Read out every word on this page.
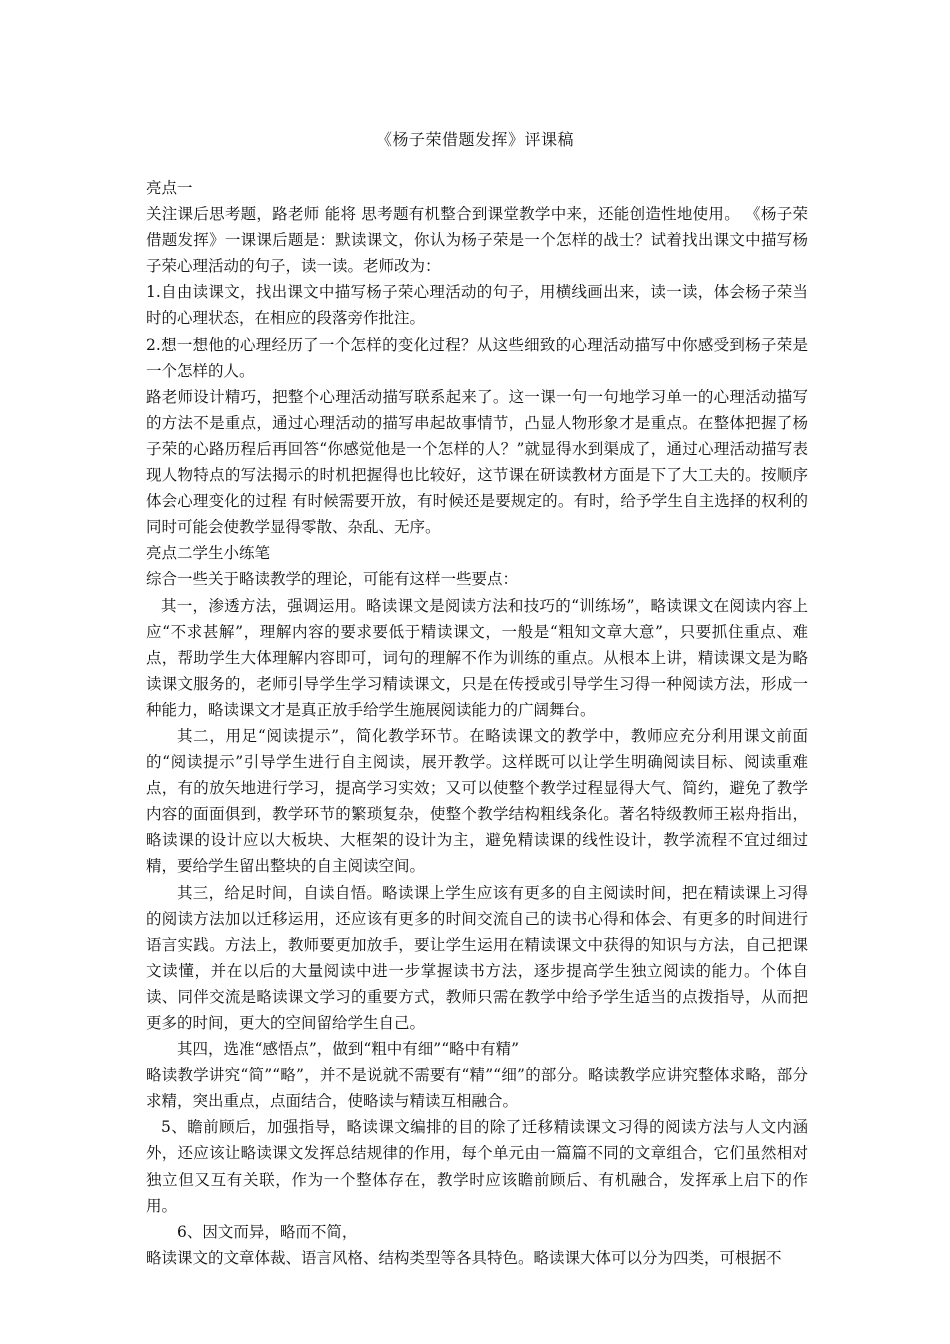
《杨子荣借题发挥》评课稿

亮点一

关注课后思考题，路老师 能将 思考题有机整合到课堂教学中来，还能创造性地使用。 《杨子荣借题发挥》一课课后题是：默读课文，你认为杨子荣是一个怎样的战士？试着找出课文中描写杨子荣心理活动的句子，读一读。老师改为：

1.自由读课文，找出课文中描写杨子荣心理活动的句子，用横线画出来，读一读，体会杨子荣当时的心理状态，在相应的段落旁作批注。

2.想一想他的心理经历了一个怎样的变化过程？从这些细致的心理活动描写中你感受到杨子荣是一个怎样的人。

路老师设计精巧，把整个心理活动描写联系起来了。这一课一句一句地学习单一的心理活动描写的方法不是重点，通过心理活动的描写串起故事情节，凸显人物形象才是重点。在整体把握了杨子荣的心路历程后再回答“你感觉他是一个怎样的人？”就显得水到渠成了，通过心理活动描写表现人物特点的写法揭示的时机把握得也比较好，这节课在研读教材方面是下了大工夫的。按顺序体会心理变化的过程 有时候需要开放，有时候还是要规定的。有时，给予学生自主选择的权利的同时可能会使教学显得零散、杂乱、无序。

亮点二学生小练笔

综合一些关于略读教学的理论，可能有这样一些要点：

其一，渗透方法，强调运用。略读课文是阅读方法和技巧的“训练场”，略读课文在阅读内容上应“不求甚解”，理解内容的要求要低于精读课文，一般是“粗知文章大意”，只要抓住重点、难点，帮助学生大体理解内容即可，词句的理解不作为训练的重点。从根本上讲，精读课文是为略读课文服务的，老师引导学生学习精读课文，只是在传授或引导学生习得一种阅读方法，形成一种能力，略读课文才是真正放手给学生施展阅读能力的广阔舞台。

其二，用足“阅读提示”，简化教学环节。在略读课文的教学中，教师应充分利用课文前面的“阅读提示”引导学生进行自主阅读，展开教学。这样既可以让学生明确阅读目标、阅读重难点，有的放矢地进行学习，提高学习实效；又可以使整个教学过程显得大气、简约，避免了教学内容的面面俱到，教学环节的繁琐复杂，使整个教学结构粗线条化。著名特级教师王崧舟指出，略读课的设计应以大板块、大框架的设计为主，避免精读课的线性设计，教学流程不宜过细过精，要给学生留出整块的自主阅读空间。

其三，给足时间，自读自悟。略读课上学生应该有更多的自主阅读时间，把在精读课上习得的阅读方法加以迁移运用，还应该有更多的时间交流自己的读书心得和体会、有更多的时间进行语言实践。方法上，教师要更加放手，要让学生运用在精读课文中获得的知识与方法，自己把课文读懂，并在以后的大量阅读中进一步掌握读书方法，逐步提高学生独立阅读的能力。个体自读、同伴交流是略读课文学习的重要方式，教师只需在教学中给予学生适当的点拨指导，从而把更多的时间，更大的空间留给学生自己。

其四，选准“感悟点”，做到“粗中有细”“略中有精”

略读教学讲究“简”“略”，并不是说就不需要有“精”“细”的部分。略读教学应讲究整体求略，部分求精，突出重点，点面结合，使略读与精读互相融合。

5、瞻前顾后，加强指导，略读课文编排的目的除了迁移精读课文习得的阅读方法与人文内涵外，还应该让略读课文发挥总结规律的作用，每个单元由一篇篇不同的文章组合，它们虽然相对独立但又互有关联，作为一个整体存在，教学时应该瞻前顾后、有机融合，发挥承上启下的作用。

6、因文而异，略而不简，

略读课文的文章体裁、语言风格、结构类型等各具特色。略读课大体可以分为四类，可根据不
